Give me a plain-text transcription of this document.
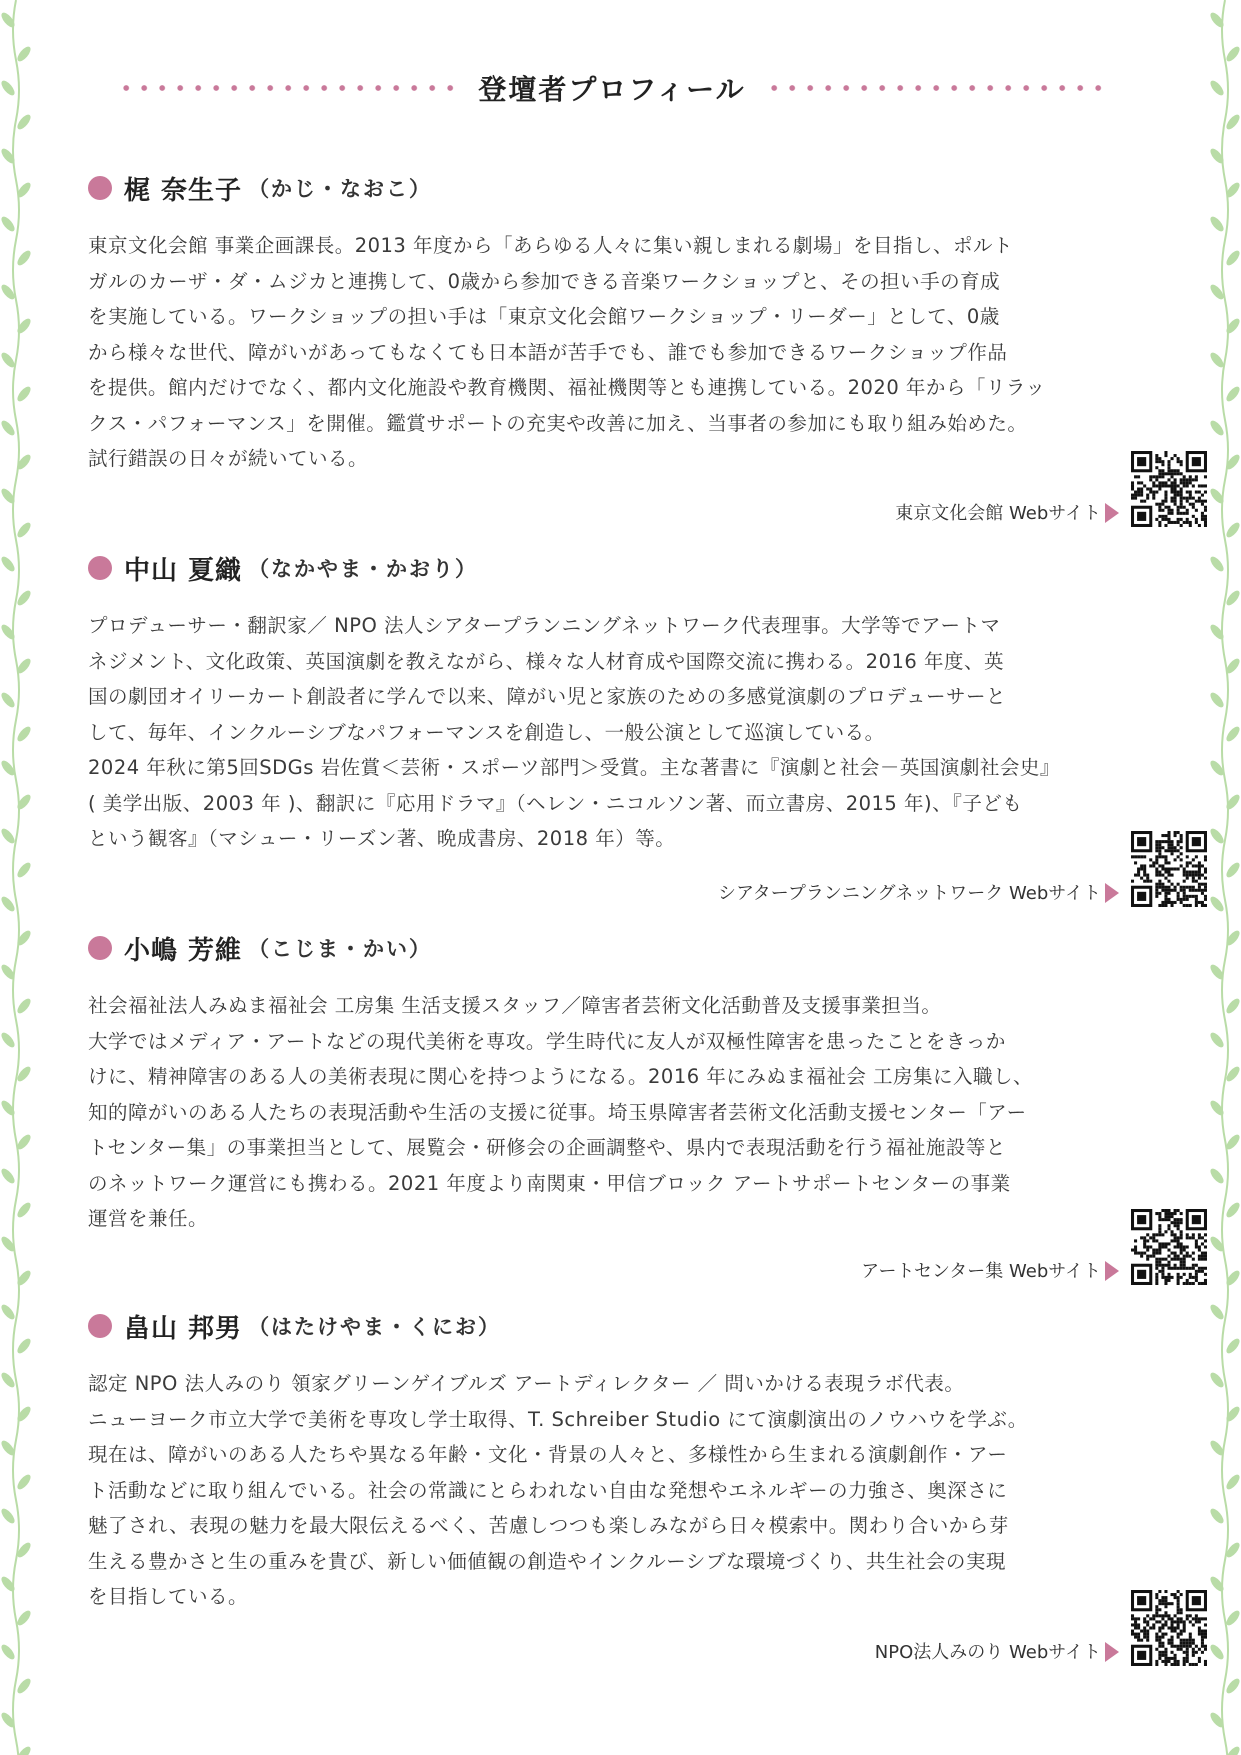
登壇者プロフィール
梶 奈生子 （かじ・なおこ）
東京文化会館 事業企画課長。2013 年度から「あらゆる人々に集い親しまれる劇場」を目指し、ポルト
ガルのカーザ・ダ・ムジカと連携して、0歳から参加できる音楽ワークショップと、その担い手の育成
を実施している。ワークショップの担い手は「東京文化会館ワークショップ・リーダー」として、0歳
から様々な世代、障がいがあってもなくても日本語が苦手でも、誰でも参加できるワークショップ作品
を提供。館内だけでなく、都内文化施設や教育機関、福祉機関等とも連携している。2020 年から「リラッ
クス・パフォーマンス」を開催。鑑賞サポートの充実や改善に加え、当事者の参加にも取り組み始めた。
試行錯誤の日々が続いている。
東京文化会館 Webサイト
中山 夏織 （なかやま・かおり）
プロデューサー・翻訳家／ NPO 法人シアタープランニングネットワーク代表理事。大学等でアートマ
ネジメント、文化政策、英国演劇を教えながら、様々な人材育成や国際交流に携わる。2016 年度、英
国の劇団オイリーカート創設者に学んで以来、障がい児と家族のための多感覚演劇のプロデューサーと
して、毎年、インクルーシブなパフォーマンスを創造し、一般公演として巡演している。
2024 年秋に第5回SDGs 岩佐賞＜芸術・スポーツ部門＞受賞。主な著書に『演劇と社会－英国演劇社会史』
( 美学出版、2003 年 )、翻訳に『応用ドラマ』（ヘレン・ニコルソン著、而立書房、2015 年)、『子ども
という観客』（マシュー・リーズン著、晩成書房、2018 年）等。
シアタープランニングネットワーク Webサイト
小嶋 芳維 （こじま・かい）
社会福祉法人みぬま福祉会 工房集 生活支援スタッフ／障害者芸術文化活動普及支援事業担当。
大学ではメディア・アートなどの現代美術を専攻。学生時代に友人が双極性障害を患ったことをきっか
けに、精神障害のある人の美術表現に関心を持つようになる。2016 年にみぬま福祉会 工房集に入職し、
知的障がいのある人たちの表現活動や生活の支援に従事。埼玉県障害者芸術文化活動支援センター「アー
トセンター集」の事業担当として、展覧会・研修会の企画調整や、県内で表現活動を行う福祉施設等と
のネットワーク運営にも携わる。2021 年度より南関東・甲信ブロック アートサポートセンターの事業
運営を兼任。
アートセンター集 Webサイト
畠山 邦男 （はたけやま・くにお）
認定 NPO 法人みのり 領家グリーンゲイブルズ アートディレクター ／ 問いかける表現ラボ代表。
ニューヨーク市立大学で美術を専攻し学士取得、T. Schreiber Studio にて演劇演出のノウハウを学ぶ。
現在は、障がいのある人たちや異なる年齢・文化・背景の人々と、多様性から生まれる演劇創作・アー
ト活動などに取り組んでいる。社会の常識にとらわれない自由な発想やエネルギーの力強さ、奥深さに
魅了され、表現の魅力を最大限伝えるべく、苦慮しつつも楽しみながら日々模索中。関わり合いから芽
生える豊かさと生の重みを貴び、新しい価値観の創造やインクルーシブな環境づくり、共生社会の実現
を目指している。
NPO法人みのり Webサイト
